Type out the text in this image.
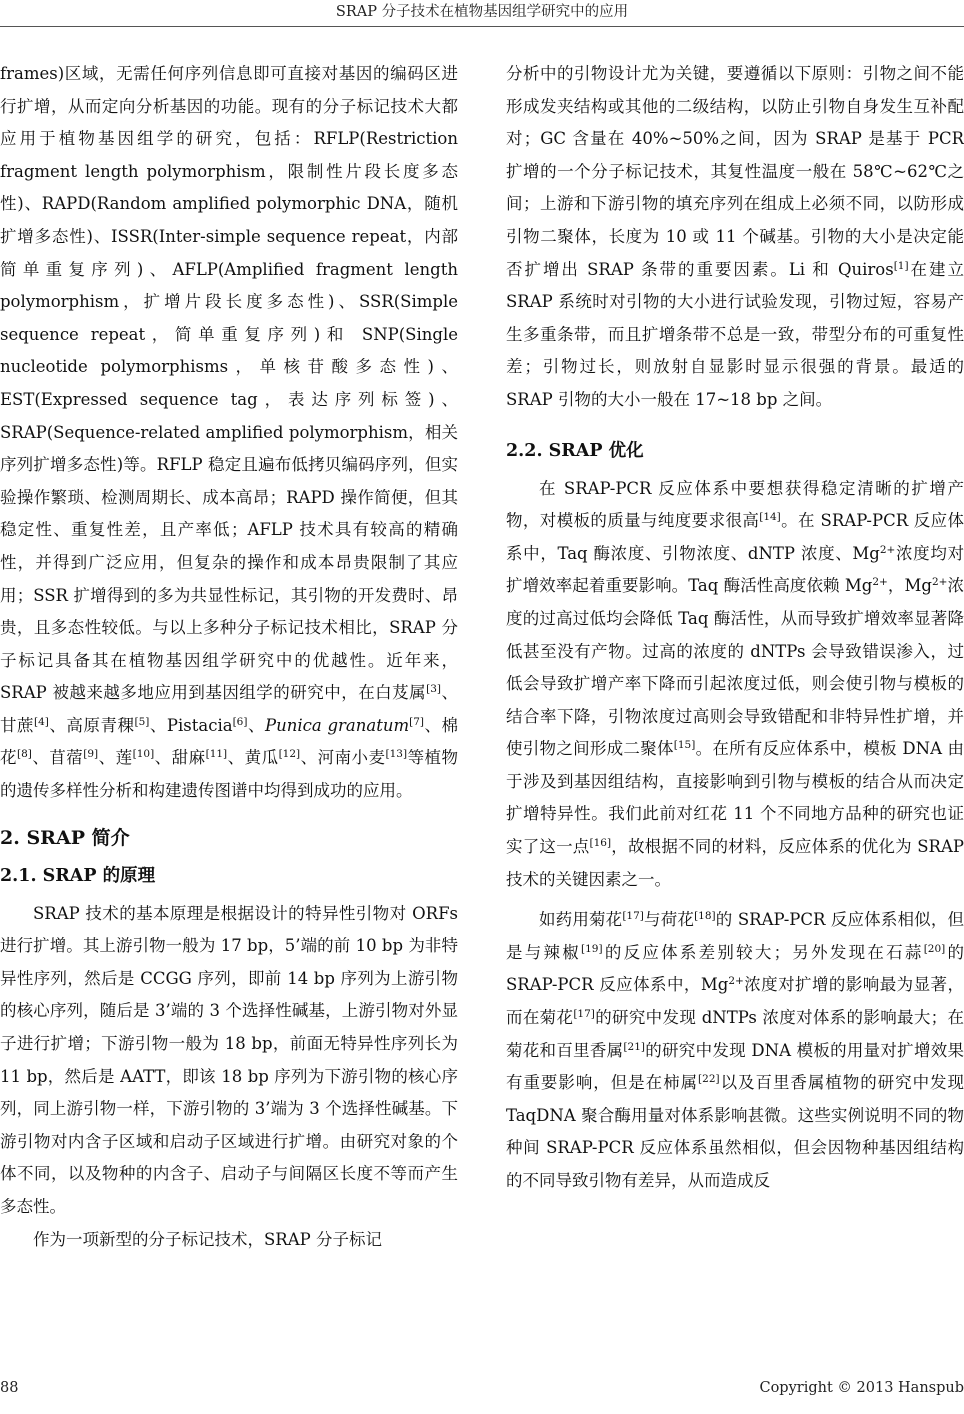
SRAP 分子技术在植物基因组学研究中的应用

frames)区域，无需任何序列信息即可直接对基因的编码区进行扩增，从而定向分析基因的功能。现有的分子标记技术大都应用于植物基因组学的研究，包括：RFLP(Restriction fragment length polymorphism，限制性片段长度多态性)、RAPD(Random amplified polymorphic DNA，随机扩增多态性)、ISSR(Inter-simple sequence repeat，内部简单重复序列)、AFLP(Amplified fragment length polymorphism，扩增片段长度多态性)、SSR(Simple sequence repeat，简单重复序列)和 SNP(Single nucleotide polymorphisms，单核苷酸多态性)、EST(Expressed sequence tag，表达序列标签)、SRAP(Sequence-related amplified polymorphism，相关序列扩增多态性)等。RFLP 稳定且遍布低拷贝编码序列，但实验操作繁琐、检测周期长、成本高昂；RAPD 操作简便，但其稳定性、重复性差，且产率低；AFLP 技术具有较高的精确性，并得到广泛应用，但复杂的操作和成本昂贵限制了其应用；SSR 扩增得到的多为共显性标记，其引物的开发费时、昂贵，且多态性较低。与以上多种分子标记技术相比，SRAP 分子标记具备其在植物基因组学研究中的优越性。近年来，SRAP 被越来越多地应用到基因组学的研究中，在白芨属[3]、甘蔗[4]、高原青稞[5]、Pistacia[6]、Punica granatum[7]、棉花[8]、苜蓿[9]、莲[10]、甜麻[11]、黄瓜[12]、河南小麦[13]等植物的遗传多样性分析和构建遗传图谱中均得到成功的应用。

2. SRAP 简介
2.1. SRAP 的原理

SRAP 技术的基本原理是根据设计的特异性引物对 ORFs 进行扩增。其上游引物一般为 17 bp，5’端的前 10 bp 为非特异性序列，然后是 CCGG 序列，即前 14 bp 序列为上游引物的核心序列，随后是 3’端的 3 个选择性碱基，上游引物对外显子进行扩增；下游引物一般为 18 bp，前面无特异性序列长为 11 bp，然后是 AATT，即该 18 bp 序列为下游引物的核心序列，同上游引物一样，下游引物的 3’端为 3 个选择性碱基。下游引物对内含子区域和启动子区域进行扩增。由研究对象的个体不同，以及物种的内含子、启动子与间隔区长度不等而产生多态性。

作为一项新型的分子标记技术，SRAP 分子标记

分析中的引物设计尤为关键，要遵循以下原则：引物之间不能形成发夹结构或其他的二级结构，以防止引物自身发生互补配对；GC 含量在 40%~50%之间，因为 SRAP 是基于 PCR 扩增的一个分子标记技术，其复性温度一般在 58℃~62℃之间；上游和下游引物的填充序列在组成上必须不同，以防形成引物二聚体，长度为 10 或 11 个碱基。引物的大小是决定能否扩增出 SRAP 条带的重要因素。Li 和 Quiros[1]在建立 SRAP 系统时对引物的大小进行试验发现，引物过短，容易产生多重条带，而且扩增条带不总是一致，带型分布的可重复性差；引物过长，则放射自显影时显示很强的背景。最适的 SRAP 引物的大小一般在 17~18 bp 之间。

2.2. SRAP 优化

在 SRAP-PCR 反应体系中要想获得稳定清晰的扩增产物，对模板的质量与纯度要求很高[14]。在 SRAP-PCR 反应体系中，Taq 酶浓度、引物浓度、dNTP 浓度、$Mg^{2+}$浓度均对扩增效率起着重要影响。Taq 酶活性高度依赖 $Mg^{2+}$，$Mg^{2+}$浓度的过高过低均会降低 Taq 酶活性，从而导致扩增效率显著降低甚至没有产物。过高的浓度的 dNTPs 会导致错误渗入，过低会导致扩增产率下降而引起浓度过低，则会使引物与模板的结合率下降，引物浓度过高则会导致错配和非特异性扩增，并使引物之间形成二聚体[15]。在所有反应体系中，模板 DNA 由于涉及到基因组结构，直接影响到引物与模板的结合从而决定扩增特异性。我们此前对红花 11 个不同地方品种的研究也证实了这一点[16]，故根据不同的材料，反应体系的优化为 SRAP 技术的关键因素之一。

如药用菊花[17]与荷花[18]的 SRAP-PCR 反应体系相似，但是与辣椒[19]的反应体系差别较大；另外发现在石蒜[20]的 SRAP-PCR 反应体系中，$Mg^{2+}$浓度对扩增的影响最为显著，而在菊花[17]的研究中发现 dNTPs 浓度对体系的影响最大；在菊花和百里香属[21]的研究中发现 DNA 模板的用量对扩增效果有重要影响，但是在柿属[22]以及百里香属植物的研究中发现 TaqDNA 聚合酶用量对体系影响甚微。这些实例说明不同的物种间 SRAP-PCR 反应体系虽然相似，但会因物种基因组结构的不同导致引物有差异，从而造成反

88	Copyright © 2013 Hanspub
